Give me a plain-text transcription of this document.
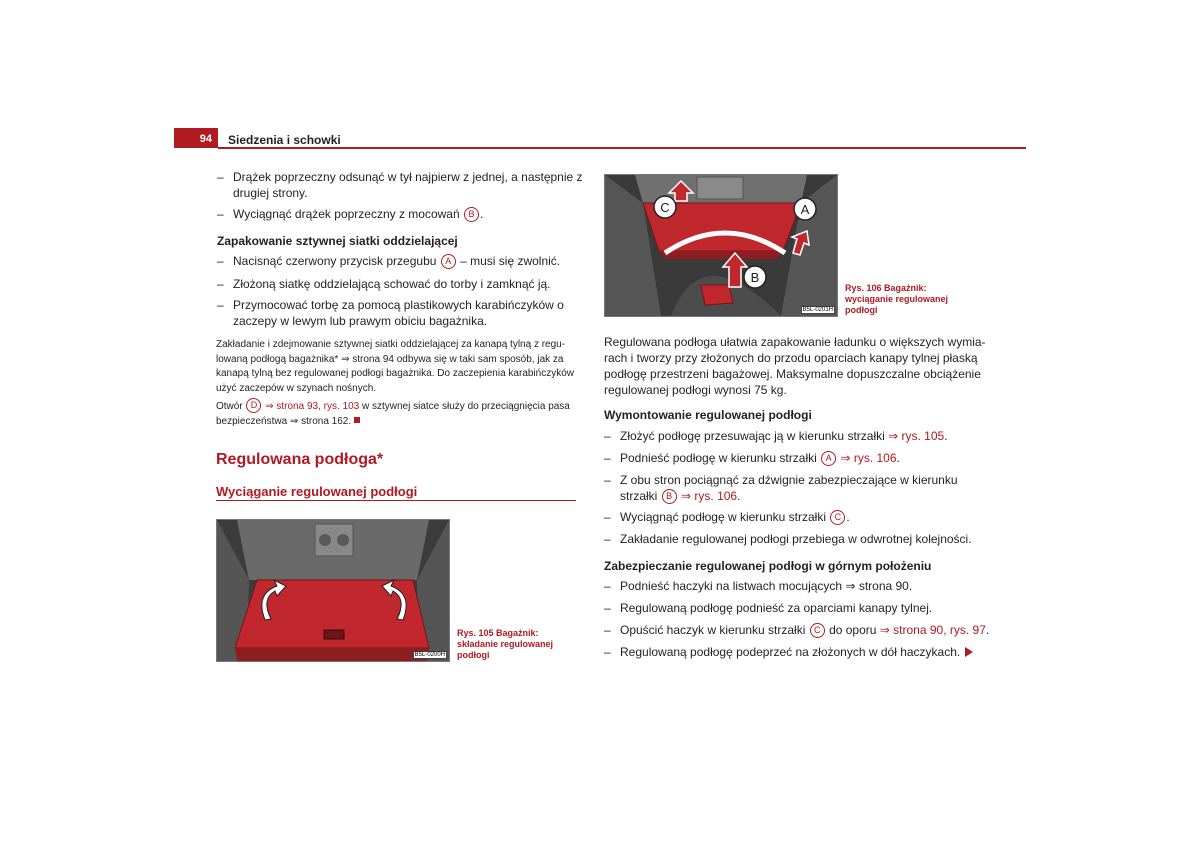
94	Siedzenia i schowki
– Drążek poprzeczny odsunąć w tył najpierw z jednej, a następnie z
drugiej strony.
– Wyciągnąć drążek poprzeczny z mocowań B .
Zapakowanie sztywnej siatki oddzielającej
– Nacisnąć czerwony przycisk przegubu A – musi się zwolnić.
– Złożoną siatkę oddzielającą schować do torby i zamknąć ją.
– Przymocować torbę za pomocą plastikowych karabińczyków o
zaczepy w lewym lub prawym obiciu bagażnika.
Zakładanie i zdejmowanie sztywnej siatki oddzielającej za kanapą tylną z regu-
lowaną podłogą bagażnika* ⇒ strona 94 odbywa się w taki sam sposób, jak za
kanapą tylną bez regulowanej podłogi bagażnika. Do zaczepienia karabińczyków
użyć zaczepów w szynach nośnych.
Otwór D ⇒ strona 93, rys. 103 w sztywnej siatce służy do przeciągnięcia pasa
bezpieczeństwa ⇒ strona 162.
Regulowana podłoga*
Wyciąganie regulowanej podłogi
B5L-0200H
Rys. 105 Bagażnik:
składanie regulowanej
podłogi
C	A
B
B5L-0201H
Rys. 106 Bagażnik:
wyciąganie regulowanej
podłogi
Regulowana podłoga ułatwia zapakowanie ładunku o większych wymia-
rach i tworzy przy złożonych do przodu oparciach kanapy tylnej płaską
podłogę przestrzeni bagażowej. Maksymalne dopuszczalne obciążenie
regulowanej podłogi wynosi 75 kg.
Wymontowanie regulowanej podłogi
– Złożyć podłogę przesuwając ją w kierunku strzałki ⇒ rys. 105.
– Podnieść podłogę w kierunku strzałki A ⇒ rys. 106.
– Z obu stron pociągnąć za dźwignie zabezpieczające w kierunku
strzałki B ⇒ rys. 106.
– Wyciągnąć podłogę w kierunku strzałki C .
– Zakładanie regulowanej podłogi przebiega w odwrotnej kolejności.
Zabezpieczanie regulowanej podłogi w górnym położeniu
– Podnieść haczyki na listwach mocujących ⇒ strona 90.
– Regulowaną podłogę podnieść za oparciami kanapy tylnej.
– Opuścić haczyk w kierunku strzałki C do oporu ⇒ strona 90, rys. 97.
– Regulowaną podłogę podeprzeć na złożonych w dół haczykach.
